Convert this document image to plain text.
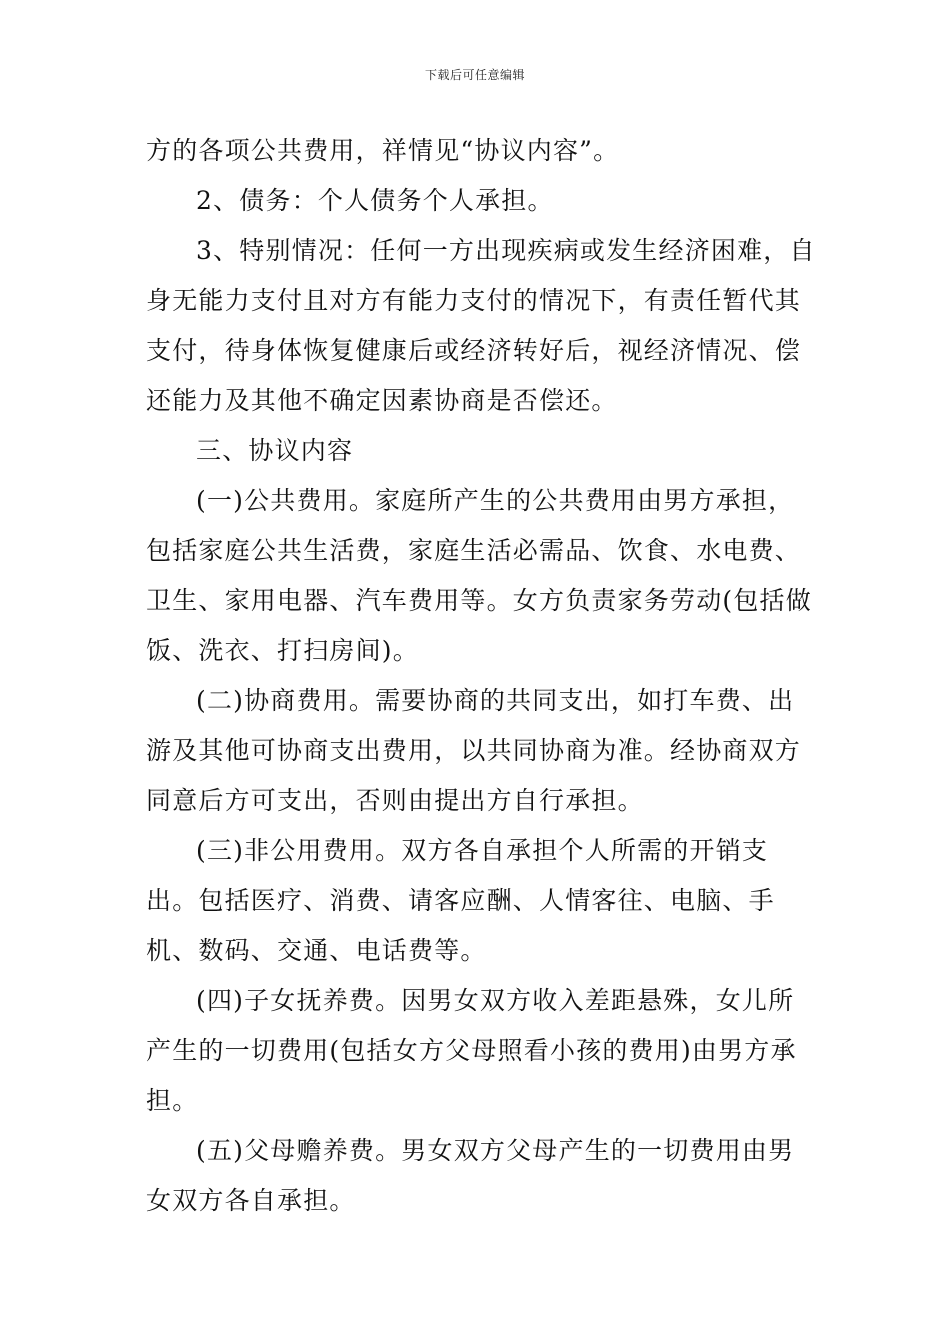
下载后可任意编辑

方的各项公共费用，祥情见“协议内容”。

2、债务：个人债务个人承担。

3、特别情况：任何一方出现疾病或发生经济困难，自身无能力支付且对方有能力支付的情况下，有责任暂代其支付，待身体恢复健康后或经济转好后，视经济情况、偿还能力及其他不确定因素协商是否偿还。

三、协议内容

(一)公共费用。家庭所产生的公共费用由男方承担，包括家庭公共生活费，家庭生活必需品、饮食、水电费、卫生、家用电器、汽车费用等。女方负责家务劳动(包括做饭、洗衣、打扫房间)。

(二)协商费用。需要协商的共同支出，如打车费、出游及其他可协商支出费用，以共同协商为准。经协商双方同意后方可支出，否则由提出方自行承担。

(三)非公用费用。双方各自承担个人所需的开销支出。包括医疗、消费、请客应酬、人情客往、电脑、手机、数码、交通、电话费等。

(四)子女抚养费。因男女双方收入差距悬殊，女儿所产生的一切费用(包括女方父母照看小孩的费用)由男方承担。

(五)父母赡养费。男女双方父母产生的一切费用由男女双方各自承担。
